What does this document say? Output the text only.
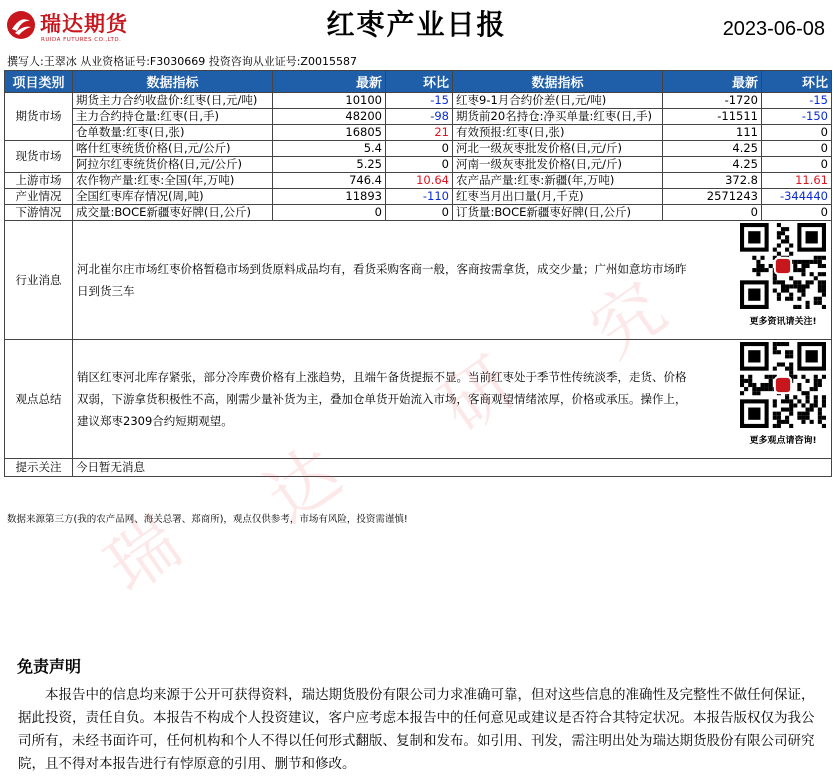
瑞达期货
RUIDA FUTURES CO.,LTD.	红枣产业日报	2023-06-08
撰写人:王翠冰 从业资格证号:F3030669 投资咨询从业证号:Z0015587
项目类别	数据指标	最新	环比	数据指标	最新	环比
期货市场	期货主力合约收盘价:红枣(日,元/吨)	10100	-15	红枣9-1月合约价差(日,元/吨)	-1720	-15
	主力合约持仓量:红枣(日,手)	48200	-98	期货前20名持仓:净买单量:红枣(日,手)	-11511	-150
	仓单数量:红枣(日,张)	16805	21	有效预报:红枣(日,张)	111	0
现货市场	喀什红枣统货价格(日,元/公斤)	5.4	0	河北一级灰枣批发价格(日,元/斤)	4.25	0
	阿拉尔红枣统货价格(日,元/公斤)	5.25	0	河南一级灰枣批发价格(日,元/斤)	4.25	0
上游市场	农作物产量:红枣:全国(年,万吨)	746.4	10.64	农产品产量:红枣:新疆(年,万吨)	372.8	11.61
产业情况	全国红枣库存情况(周,吨)	11893	-110	红枣当月出口量(月,千克)	2571243	-344440
下游情况	成交量:BOCE新疆枣好牌(日,公斤)	0	0	订货量:BOCE新疆枣好牌(日,公斤)	0	0
行业消息	河北崔尔庄市场红枣价格暂稳市场到货原料成品均有，看货采购客商一般，客商按需拿货，成交少量；广州如意坊市场昨日到货三车
更多资讯请关注!					

观点总结	销区红枣河北库存紧张，部分冷库费价格有上涨趋势，且端午备货提振不显。当前红枣处于季节性传统淡季，走货、价格双弱，下游拿货积极性不高，刚需少量补货为主，叠加仓单货开始流入市场，客商观望情绪浓厚，价格或承压。操作上，建议郑枣2309合约短期观望。
更多观点请咨询!					

提示关注	今日暂无消息					
数据来源第三方(我的农产品网、海关总署、郑商所)，观点仅供参考，市场有风险，投资需谨慎!
免责声明
本报告中的信息均来源于公开可获得资料，瑞达期货股份有限公司力求准确可靠，但对这些信息的准确性及完整性不做任何保证，据此投资，责任自负。本报告不构成个人投资建议，客户应考虑本报告中的任何意见或建议是否符合其特定状况。本报告版权仅为我公司所有，未经书面许可，任何机构和个人不得以任何形式翻版、复制和发布。如引用、刊发，需注明出处为瑞达期货股份有限公司研究院，且不得对本报告进行有悖原意的引用、删节和修改。
瑞
达
研
究
